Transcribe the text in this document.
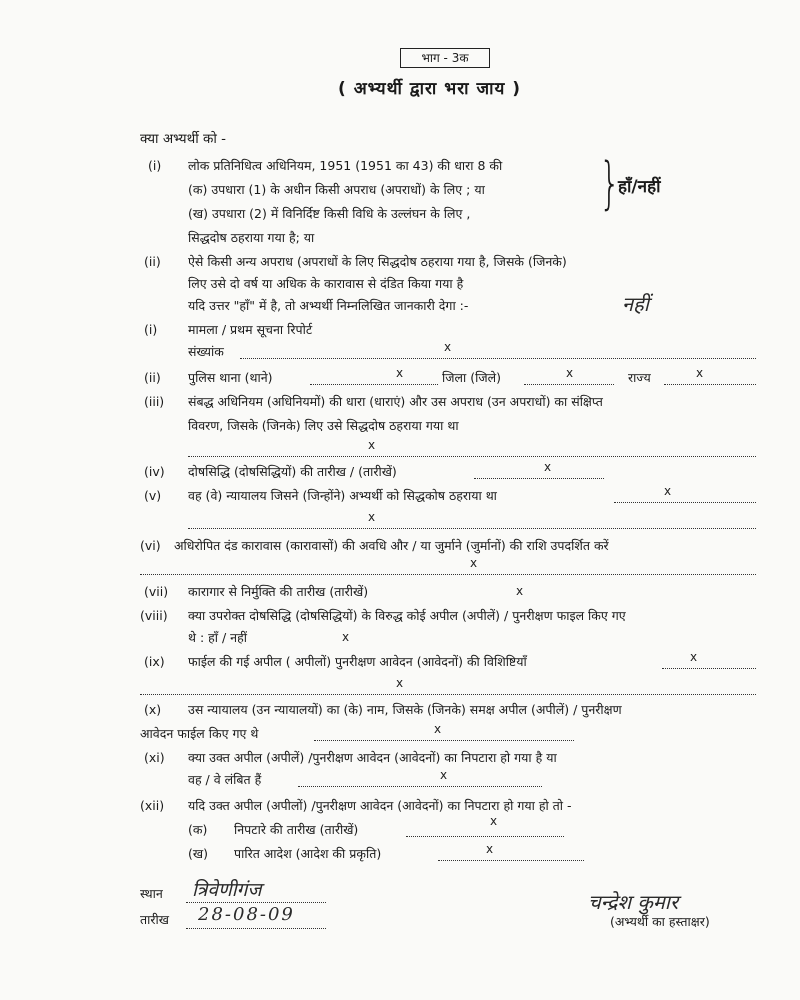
भाग - 3क
( अभ्यर्थी द्वारा भरा जाय )
क्या अभ्यर्थी को -
(i) लोक प्रतिनिधित्व अधिनियम, 1951 (1951 का 43) की धारा 8 की
(क) उपधारा (1) के अधीन किसी अपराध (अपराधों) के लिए ; या
(ख) उपधारा (2) में विनिर्दिष्ट किसी विधि के उल्लंघन के लिए ,
सिद्धदोष ठहराया गया है; या
}
हाँ/नहीं
(ii) ऐसे किसी अन्य अपराध (अपराधों के लिए सिद्धदोष ठहराया गया है, जिसके (जिनके)
लिए उसे दो वर्ष या अधिक के कारावास से दंडित किया गया है
यदि उत्तर "हाँ" में है, तो अभ्यर्थी निम्नलिखित जानकारी देगा :-	नहीं
(i) मामला / प्रथम सूचना रिपोर्ट
संख्यांक	x
(ii) पुलिस थाना (थाने)	x	जिला (जिले)	x	राज्य	x
(iii) संबद्ध अधिनियम (अधिनियमों) की धारा (धाराएं) और उस अपराध (उन अपराधों) का संक्षिप्त
विवरण, जिसके (जिनके) लिए उसे सिद्धदोष ठहराया गया था
x
(iv) दोषसिद्धि (दोषसिद्धियों) की तारीख / (तारीखें)	x
(v) वह (वे) न्यायालय जिसने (जिन्होंने) अभ्यर्थी को सिद्धकोष ठहराया था	x
x
(vi) अधिरोपित दंड कारावास (कारावासों) की अवधि और / या जुर्माने (जुर्मानों) की राशि उपदर्शित करें
x
(vii) कारागार से निर्मुक्ति की तारीख (तारीखें)	x
(viii) क्या उपरोक्त दोषसिद्धि (दोषसिद्धियों) के विरुद्ध कोई अपील (अपीलें) / पुनरीक्षण फाइल किए गए
थे : हाँ / नहीं	x
(ix) फाईल की गई अपील ( अपीलों) पुनरीक्षण आवेदन (आवेदनों) की विशिष्टियाँ	x
x
(x) उस न्यायालय (उन न्यायालयों) का (के) नाम, जिसके (जिनके) समक्ष अपील (अपीलें) / पुनरीक्षण
आवेदन फाईल किए गए थे	x
(xi) क्या उक्त अपील (अपीलें) /पुनरीक्षण आवेदन (आवेदनों) का निपटारा हो गया है या
वह / वे लंबित हैं	x
(xii) यदि उक्त अपील (अपीलों) /पुनरीक्षण आवेदन (आवेदनों) का निपटारा हो गया हो तो -
(क) निपटारे की तारीख (तारीखें)
x
(ख) पारित आदेश (आदेश की प्रकृति)	x
स्थान त्रिवेणीगंज
तारीख 28-08-09
चन्द्रेश कुमार
(अभ्यर्थी का हस्ताक्षर)
